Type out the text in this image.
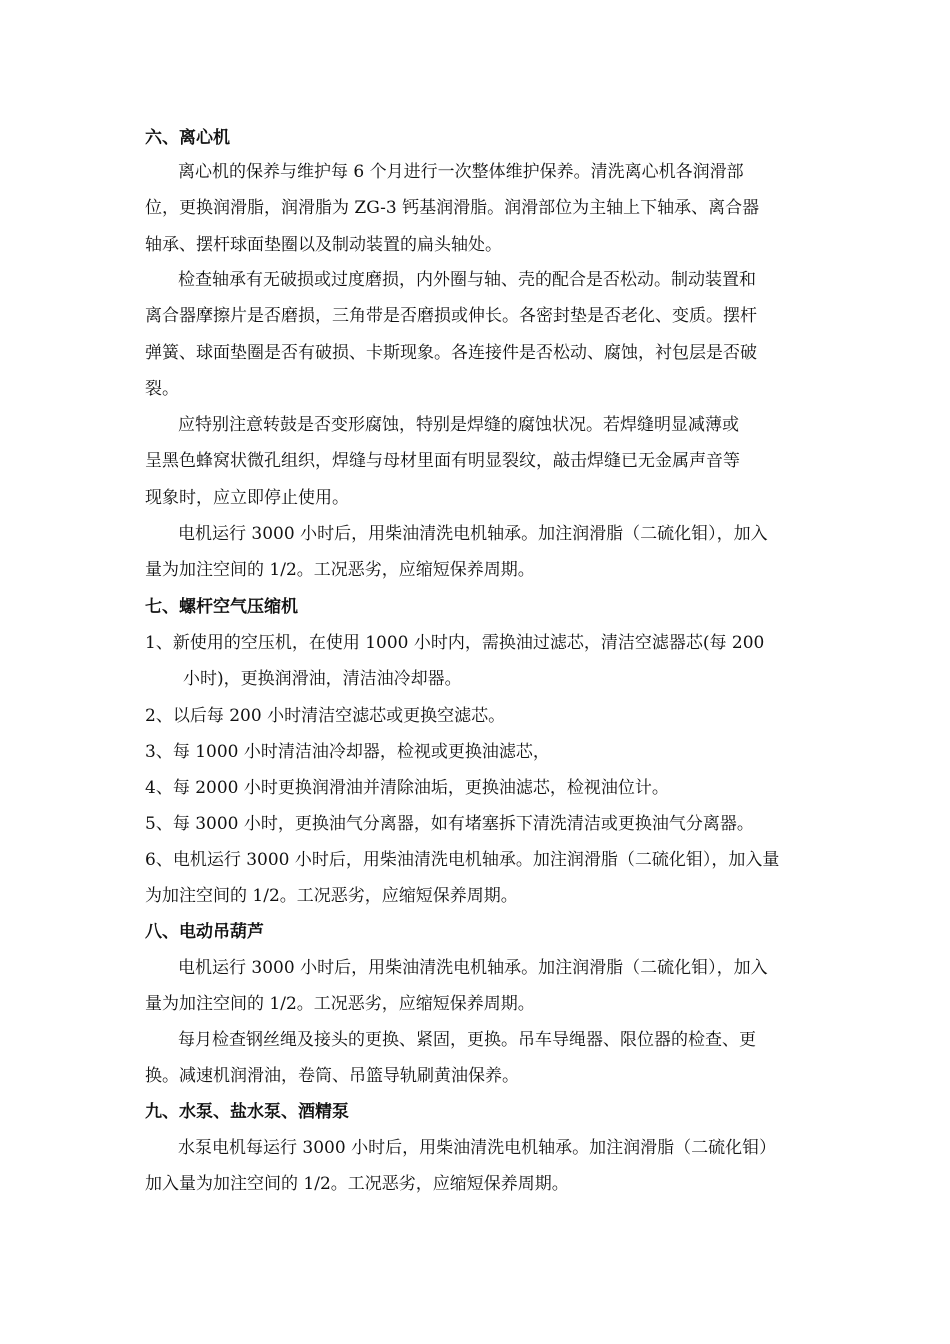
六、离心机
离心机的保养与维护每 6 个月进行一次整体维护保养。清洗离心机各润滑部
位，更换润滑脂，润滑脂为 ZG-3 钙基润滑脂。润滑部位为主轴上下轴承、离合器
轴承、摆杆球面垫圈以及制动装置的扁头轴处。
检查轴承有无破损或过度磨损，内外圈与轴、壳的配合是否松动。制动装置和
离合器摩擦片是否磨损，三角带是否磨损或伸长。各密封垫是否老化、变质。摆杆
弹簧、球面垫圈是否有破损、卡斯现象。各连接件是否松动、腐蚀，衬包层是否破
裂。
应特别注意转鼓是否变形腐蚀，特别是焊缝的腐蚀状况。若焊缝明显减薄或
呈黑色蜂窝状微孔组织，焊缝与母材里面有明显裂纹，敲击焊缝已无金属声音等
现象时，应立即停止使用。
电机运行 3000 小时后，用柴油清洗电机轴承。加注润滑脂（二硫化钼），加入
量为加注空间的 1/2。工况恶劣，应缩短保养周期。
七、螺杆空气压缩机
1、新使用的空压机，在使用 1000 小时内，需换油过滤芯，清洁空滤器芯(每 200
小时)，更换润滑油，清洁油冷却器。
2、以后每 200 小时清洁空滤芯或更换空滤芯。
3、每 1000 小时清洁油冷却器，检视或更换油滤芯，
4、每 2000 小时更换润滑油并清除油垢，更换油滤芯，检视油位计。
5、每 3000 小时，更换油气分离器，如有堵塞拆下清洗清洁或更换油气分离器。
6、电机运行 3000 小时后，用柴油清洗电机轴承。加注润滑脂（二硫化钼），加入量
为加注空间的 1/2。工况恶劣，应缩短保养周期。
八、电动吊葫芦
电机运行 3000 小时后，用柴油清洗电机轴承。加注润滑脂（二硫化钼），加入
量为加注空间的 1/2。工况恶劣，应缩短保养周期。
每月检查钢丝绳及接头的更换、紧固，更换。吊车导绳器、限位器的检查、更
换。减速机润滑油，卷筒、吊篮导轨刷黄油保养。
九、水泵、盐水泵、酒精泵
水泵电机每运行 3000 小时后，用柴油清洗电机轴承。加注润滑脂（二硫化钼）
加入量为加注空间的 1/2。工况恶劣，应缩短保养周期。
